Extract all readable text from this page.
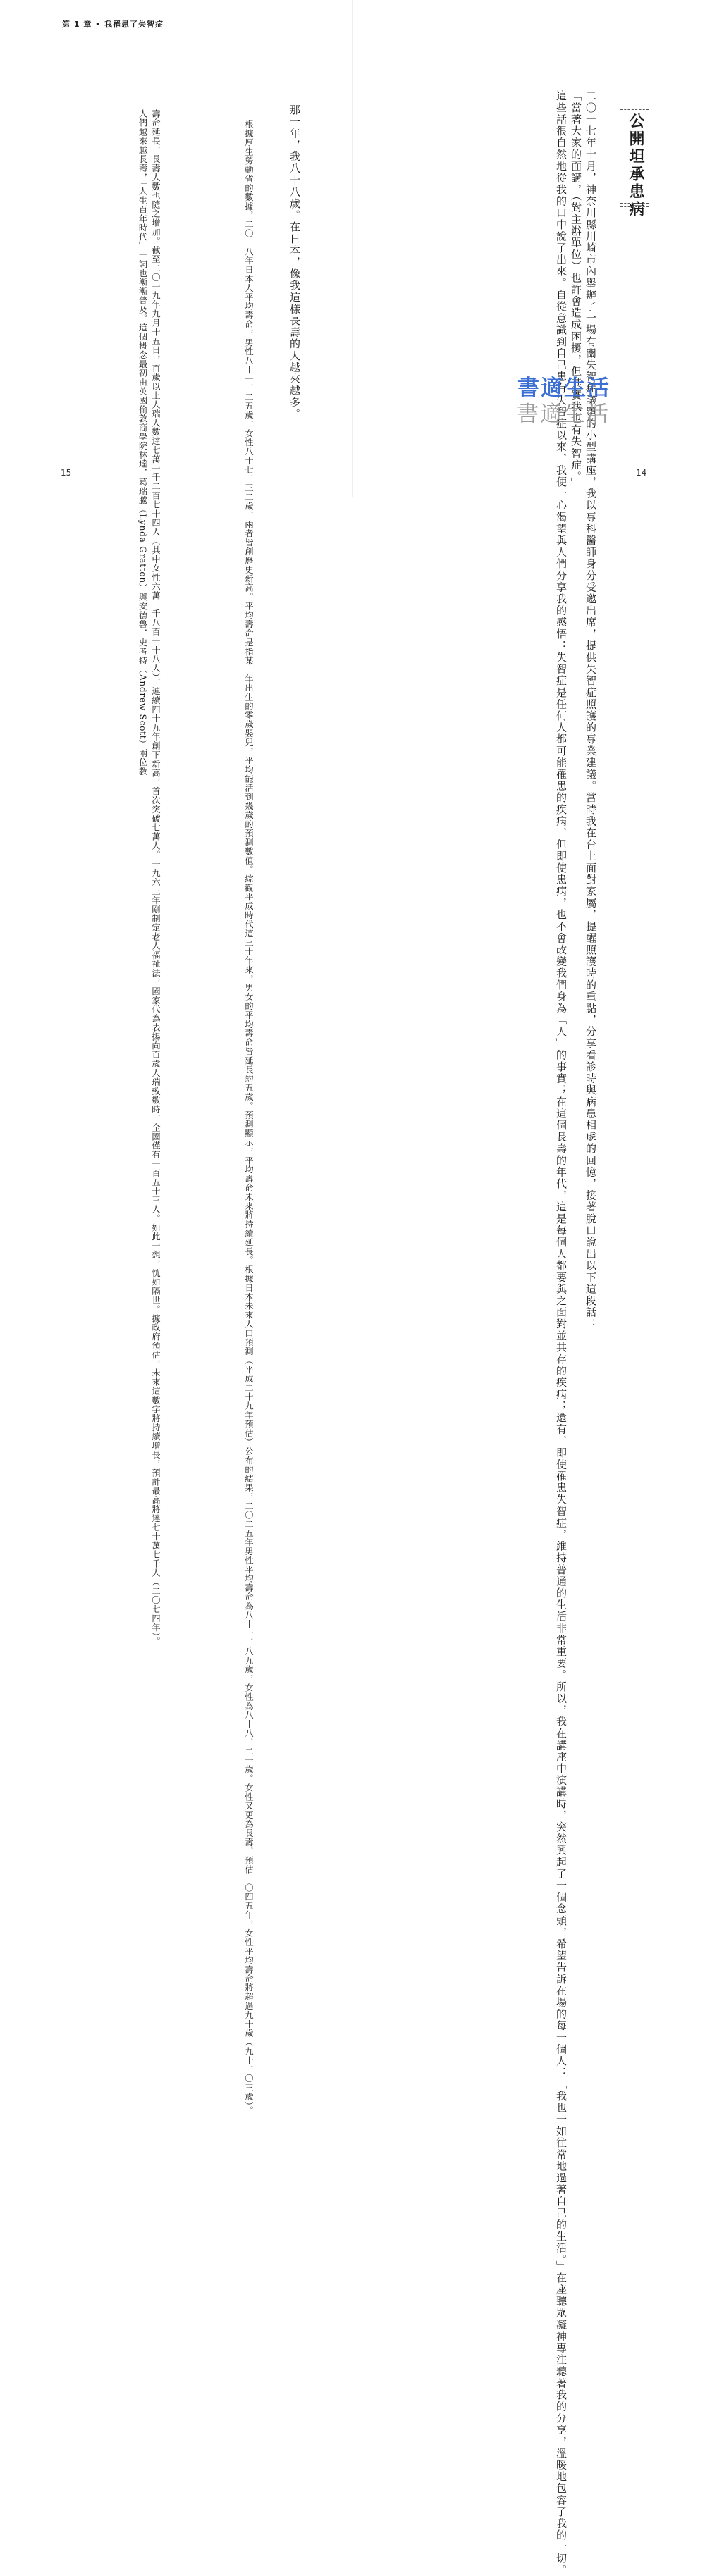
第 1 章 • 我罹患了失智症
公開坦承患病
二〇一七年十月，神奈川縣川崎市內舉辦了一場有關失智症議題的小型講座，我以專科醫師身分受邀出席，提供失智症照護的專業建議。當時我在台上面對家屬，提醒照護時的重點，分享看診時與病患相處的回憶，接著脫口說出以下這段話：
「當著大家的面講，（對主辦單位）也許會造成困擾，但其實我也有失智症。」
這些話很自然地從我的口中說了出來。自從意識到自己患有失智症以來，我便一心渴望與人們分享我的感悟：失智症是任何人都可能罹患的疾病，但即使患病，也不會改變我們身為「人」的事實；在這個長壽的年代，這是每個人都要與之面對並共存的疾病；還有，即使罹患失智症，維持普通的生活非常重要。所以，我在講座中演講時，突然興起了一個念頭，希望告訴在場的每一個人：「我也一如往常地過著自己的生活。」在座聽眾凝神專注聽著我的分享，溫暖地包容了我的一切。
書適生活
書適生活
那一年，我八十八歲。在日本，像我這樣長壽的人越來越多。
根據厚生勞動省的數據，二〇一八年日本人平均壽命，男性八十一．二五歲，女性八十七．三二歲，兩者皆創歷史新高。平均壽命是指某一年出生的零歲嬰兒，平均能活到幾歲的預測數值。綜觀平成時代這三十年來，男女的平均壽命皆延長約五歲。預測顯示，平均壽命未來將持續延長。根據日本未來人口預測（平成二十九年預估）公布的結果，二〇二五年男性平均壽命為八十一．八九歲，女性為八十八．二一歲。女性又更為長壽，預估二〇四五年，女性平均壽命將超過九十歲（九十．〇三歲）。
壽命延長，長壽人數也隨之增加。截至二〇一九年九月十五日，百歲以上人瑞人數達七萬一千二百七十四人（其中女性六萬二千八百一十八人），連續四十九年創下新高，首次突破七萬人。一九六三年剛制定老人福祉法，國家代為表揚向百歲人瑞致敬時，全國僅有一百五十三人。如此一想，恍如隔世。據政府預估，未來這數字將持續增長，預計最高將達七十萬七千人（二〇七四年）。
人們越來越長壽，「人生百年時代」一詞也漸漸普及。這個概念最初由英國倫敦商學院林達．葛瑞騰（Lynda Gratton）與安德魯．史考特（Andrew Scott）兩位教
15	14
